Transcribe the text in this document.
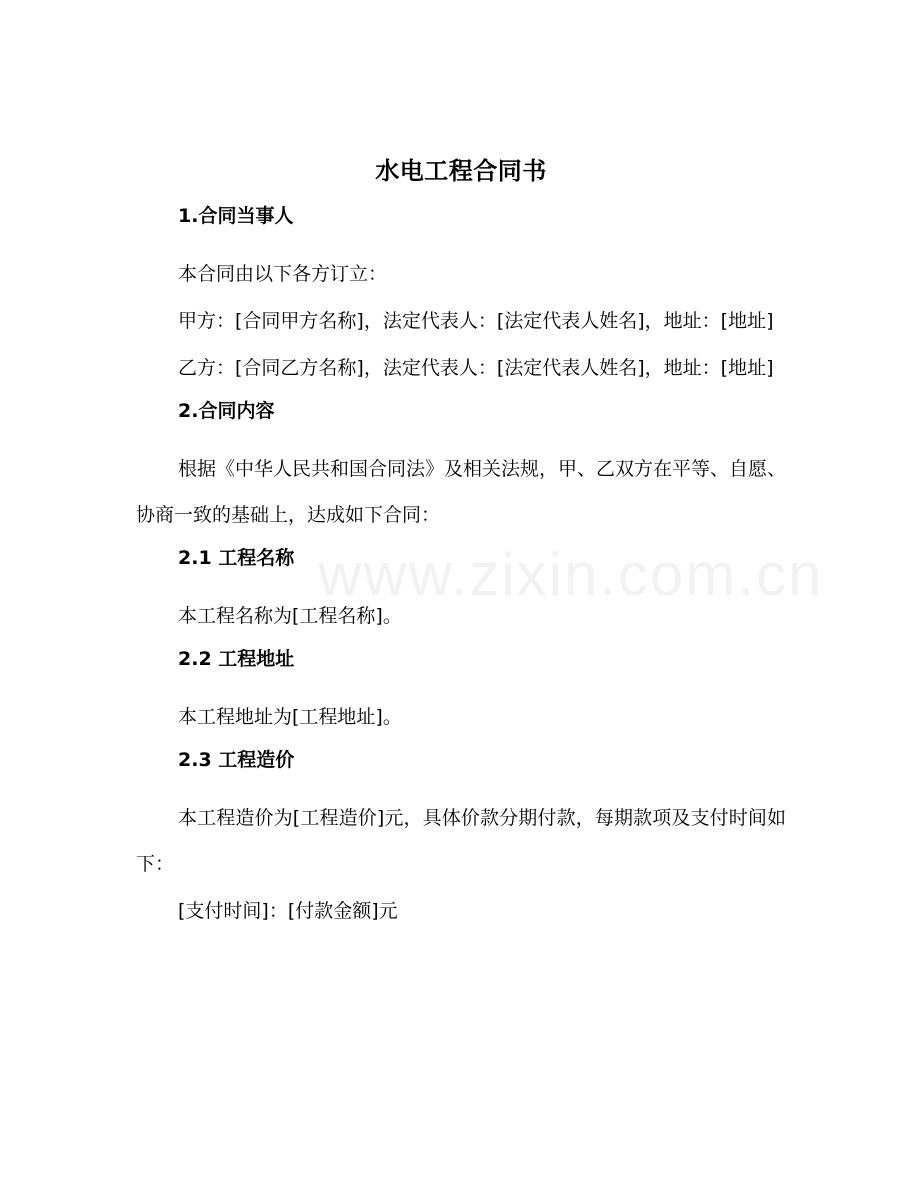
www.zixin.com.cn
水电工程合同书
1.合同当事人

本合同由以下各方订立：

甲方：[合同甲方名称]，法定代表人：[法定代表人姓名]，地址：[地址]

乙方：[合同乙方名称]，法定代表人：[法定代表人姓名]，地址：[地址]

2.合同内容

根据《中华人民共和国合同法》及相关法规，甲、乙双方在平等、自愿、协商一致的基础上，达成如下合同：

2.1 工程名称

本工程名称为[工程名称]。

2.2 工程地址

本工程地址为[工程地址]。

2.3 工程造价

本工程造价为[工程造价]元，具体价款分期付款，每期款项及支付时间如下：

[支付时间]：[付款金额]元
